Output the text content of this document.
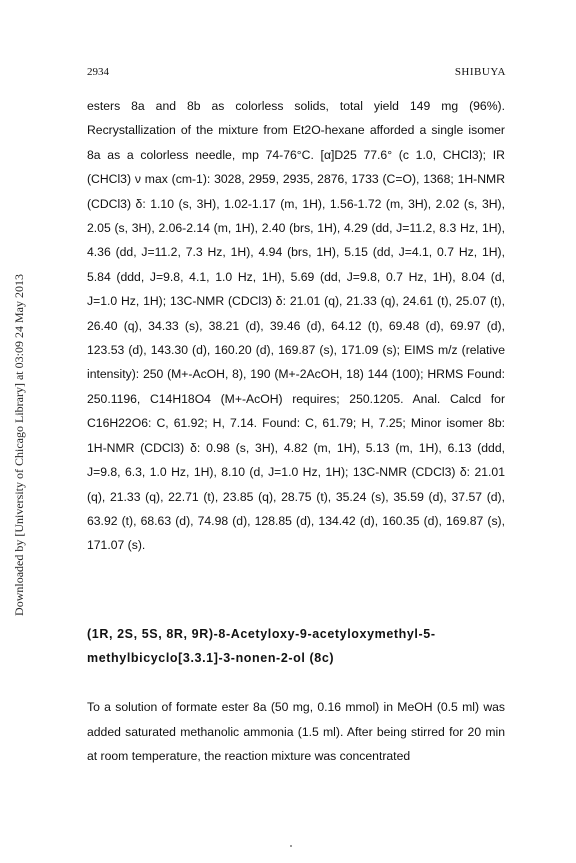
2934	SHIBUYA
Downloaded by [University of Chicago Library] at 03:09 24 May 2013

esters 8a and 8b as colorless solids, total yield 149 mg (96%). Recrystallization of the mixture from Et2O-hexane afforded a single isomer 8a as a colorless needle, mp 74-76°C. [α]D25 77.6° (c 1.0, CHCl3); IR (CHCl3) ν max (cm-1): 3028, 2959, 2935, 2876, 1733 (C=O), 1368; 1H-NMR (CDCl3) δ: 1.10 (s, 3H), 1.02-1.17 (m, 1H), 1.56-1.72 (m, 3H), 2.02 (s, 3H), 2.05 (s, 3H), 2.06-2.14 (m, 1H), 2.40 (brs, 1H), 4.29 (dd, J=11.2, 8.3 Hz, 1H), 4.36 (dd, J=11.2, 7.3 Hz, 1H), 4.94 (brs, 1H), 5.15 (dd, J=4.1, 0.7 Hz, 1H), 5.84 (ddd, J=9.8, 4.1, 1.0 Hz, 1H), 5.69 (dd, J=9.8, 0.7 Hz, 1H), 8.04 (d, J=1.0 Hz, 1H); 13C-NMR (CDCl3) δ: 21.01 (q), 21.33 (q), 24.61 (t), 25.07 (t), 26.40 (q), 34.33 (s), 38.21 (d), 39.46 (d), 64.12 (t), 69.48 (d), 69.97 (d), 123.53 (d), 143.30 (d), 160.20 (d), 169.87 (s), 171.09 (s); EIMS m/z (relative intensity): 250 (M+-AcOH, 8), 190 (M+-2AcOH, 18) 144 (100); HRMS Found: 250.1196, C14H18O4 (M+-AcOH) requires; 250.1205. Anal. Calcd for C16H22O6: C, 61.92; H, 7.14. Found: C, 61.79; H, 7.25; Minor isomer 8b: 1H-NMR (CDCl3) δ: 0.98 (s, 3H), 4.82 (m, 1H), 5.13 (m, 1H), 6.13 (ddd, J=9.8, 6.3, 1.0 Hz, 1H), 8.10 (d, J=1.0 Hz, 1H); 13C-NMR (CDCl3) δ: 21.01 (q), 21.33 (q), 22.71 (t), 23.85 (q), 28.75 (t), 35.24 (s), 35.59 (d), 37.57 (d), 63.92 (t), 68.63 (d), 74.98 (d), 128.85 (d), 134.42 (d), 160.35 (d), 169.87 (s), 171.07 (s).

(1R, 2S, 5S, 8R, 9R)-8-Acetyloxy-9-acetyloxymethyl-5-methylbicyclo[3.3.1]-3-nonen-2-ol (8c)

To a solution of formate ester 8a (50 mg, 0.16 mmol) in MeOH (0.5 ml) was added saturated methanolic ammonia (1.5 ml). After being stirred for 20 min at room temperature, the reaction mixture was concentrated
